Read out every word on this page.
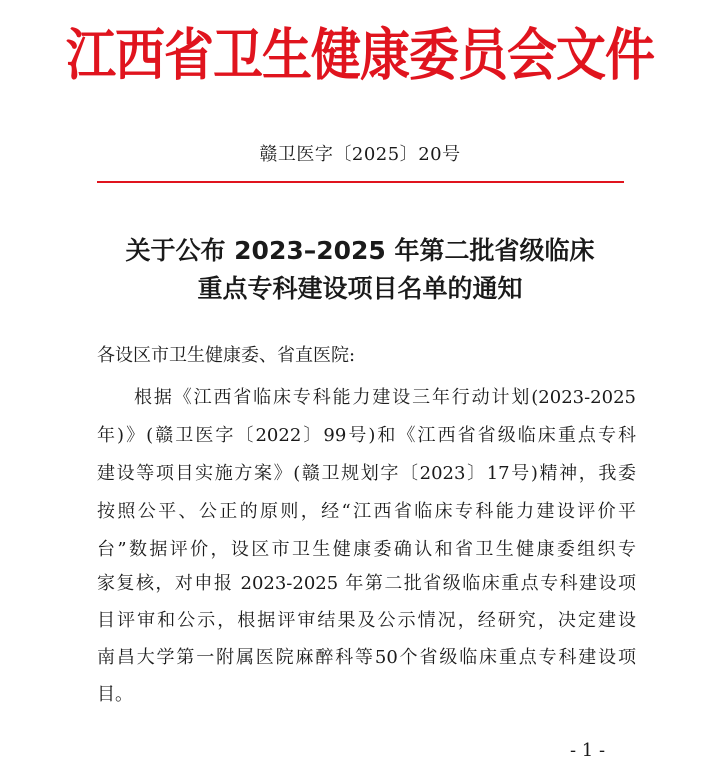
江西省卫生健康委员会文件
赣卫医字〔2025〕20号
关于公布 2023–2025 年第二批省级临床
重点专科建设项目名单的通知
各设区市卫生健康委、省直医院:
根据《江西省临床专科能力建设三年行动计划(2023-2025
年)》(赣卫医字〔2022〕99号)和《江西省省级临床重点专科
建设等项目实施方案》(赣卫规划字〔2023〕17号)精神，我委
按照公平、公正的原则，经“江西省临床专科能力建设评价平
台”数据评价，设区市卫生健康委确认和省卫生健康委组织专
家复核，对申报 2023-2025 年第二批省级临床重点专科建设项
目评审和公示，根据评审结果及公示情况，经研究，决定建设
南昌大学第一附属医院麻醉科等50个省级临床重点专科建设项
目。
- 1 -
